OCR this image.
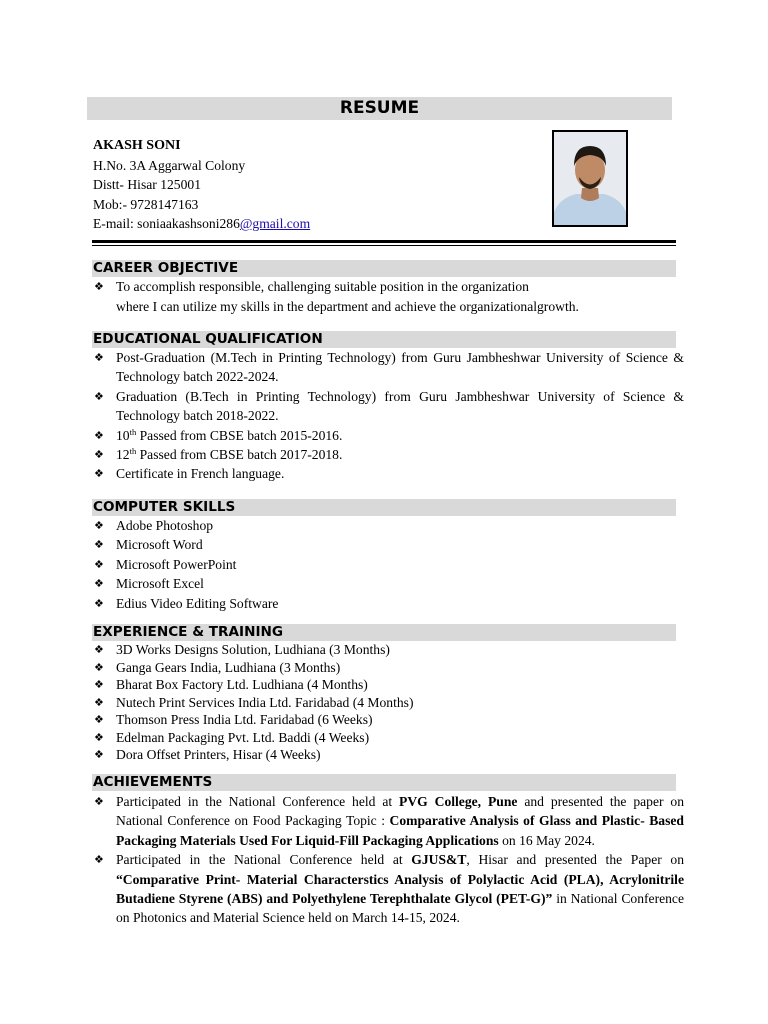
RESUME
AKASH SONI
H.No. 3A Aggarwal Colony
Distt- Hisar 125001
Mob:- 9728147163
E-mail: soniaakashsoni286@gmail.com
CAREER OBJECTIVE
❖ To accomplish responsible, challenging suitable position in the organization
where I can utilize my skills in the department and achieve the organizationalgrowth.
EDUCATIONAL QUALIFICATION
❖ Post-Graduation (M.Tech in Printing Technology) from Guru Jambheshwar University of Science & Technology batch 2022-2024.
❖ Graduation (B.Tech in Printing Technology) from Guru Jambheshwar University of Science & Technology batch 2018-2022.
❖ 10th Passed from CBSE batch 2015-2016.
❖ 12th Passed from CBSE batch 2017-2018.
❖ Certificate in French language.
COMPUTER SKILLS
❖ Adobe Photoshop
❖ Microsoft Word
❖ Microsoft PowerPoint
❖ Microsoft Excel
❖ Edius Video Editing Software
EXPERIENCE & TRAINING
❖ 3D Works Designs Solution, Ludhiana (3 Months)
❖ Ganga Gears India, Ludhiana (3 Months)
❖ Bharat Box Factory Ltd. Ludhiana (4 Months)
❖ Nutech Print Services India Ltd. Faridabad (4 Months)
❖ Thomson Press India Ltd. Faridabad (6 Weeks)
❖ Edelman Packaging Pvt. Ltd. Baddi (4 Weeks)
❖ Dora Offset Printers, Hisar (4 Weeks)
ACHIEVEMENTS
❖ Participated in the National Conference held at PVG College, Pune and presented the paper on National Conference on Food Packaging Topic : Comparative Analysis of Glass and Plastic- Based Packaging Materials Used For Liquid-Fill Packaging Applications on 16 May 2024.
❖ Participated in the National Conference held at GJUS&T, Hisar and presented the Paper on “Comparative Print- Material Characterstics Analysis of Polylactic Acid (PLA), Acrylonitrile Butadiene Styrene (ABS) and Polyethylene Terephthalate Glycol (PET-G)” in National Conference on Photonics and Material Science held on March 14-15, 2024.
